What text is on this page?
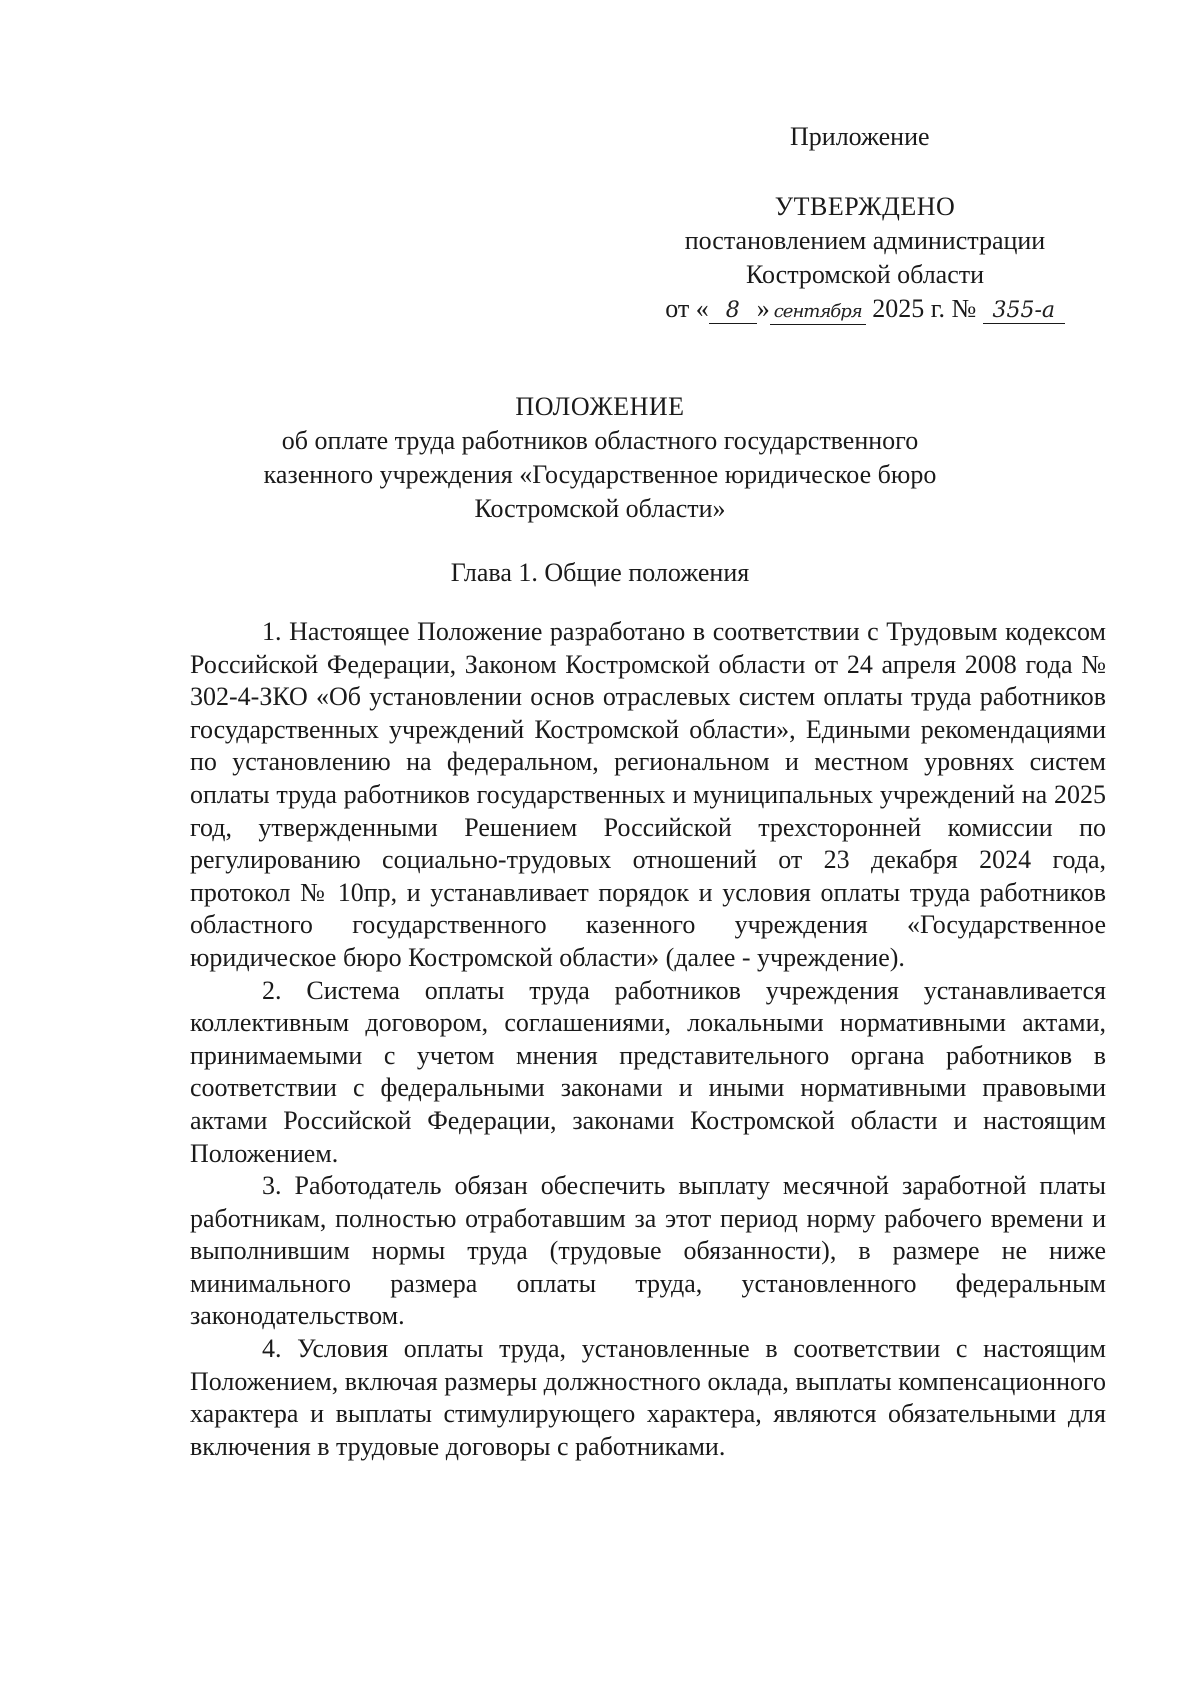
Приложение
УТВЕРЖДЕНО
постановлением администрации
Костромской области
от « 8 » сентября 2025 г. № 355-а
ПОЛОЖЕНИЕ
об оплате труда работников областного государственного
казенного учреждения «Государственное юридическое бюро
Костромской области»
Глава 1. Общие положения

1. Настоящее Положение разработано в соответствии с Трудовым кодексом Российской Федерации, Законом Костромской области от 24 апреля 2008 года № 302-4-ЗКО «Об установлении основ отраслевых систем оплаты труда работников государственных учреждений Костромской области», Едиными рекомендациями по установлению на федеральном, региональном и местном уровнях систем оплаты труда работников государственных и муниципальных учреждений на 2025 год, утвержденными Решением Российской трехсторонней комиссии по регулированию социально-трудовых отношений от 23 декабря 2024 года, протокол № 10пр, и устанавливает порядок и условия оплаты труда работников областного государственного казенного учреждения «Государственное юридическое бюро Костромской области» (далее - учреждение).

2. Система оплаты труда работников учреждения устанавливается коллективным договором, соглашениями, локальными нормативными актами, принимаемыми с учетом мнения представительного органа работников в соответствии с федеральными законами и иными нормативными правовыми актами Российской Федерации, законами Костромской области и настоящим Положением.

3. Работодатель обязан обеспечить выплату месячной заработной платы работникам, полностью отработавшим за этот период норму рабочего времени и выполнившим нормы труда (трудовые обязанности), в размере не ниже минимального размера оплаты труда, установленного федеральным законодательством.

4. Условия оплаты труда, установленные в соответствии с настоящим Положением, включая размеры должностного оклада, выплаты компенсационного характера и выплаты стимулирующего характера, являются обязательными для включения в трудовые договоры с работниками.
